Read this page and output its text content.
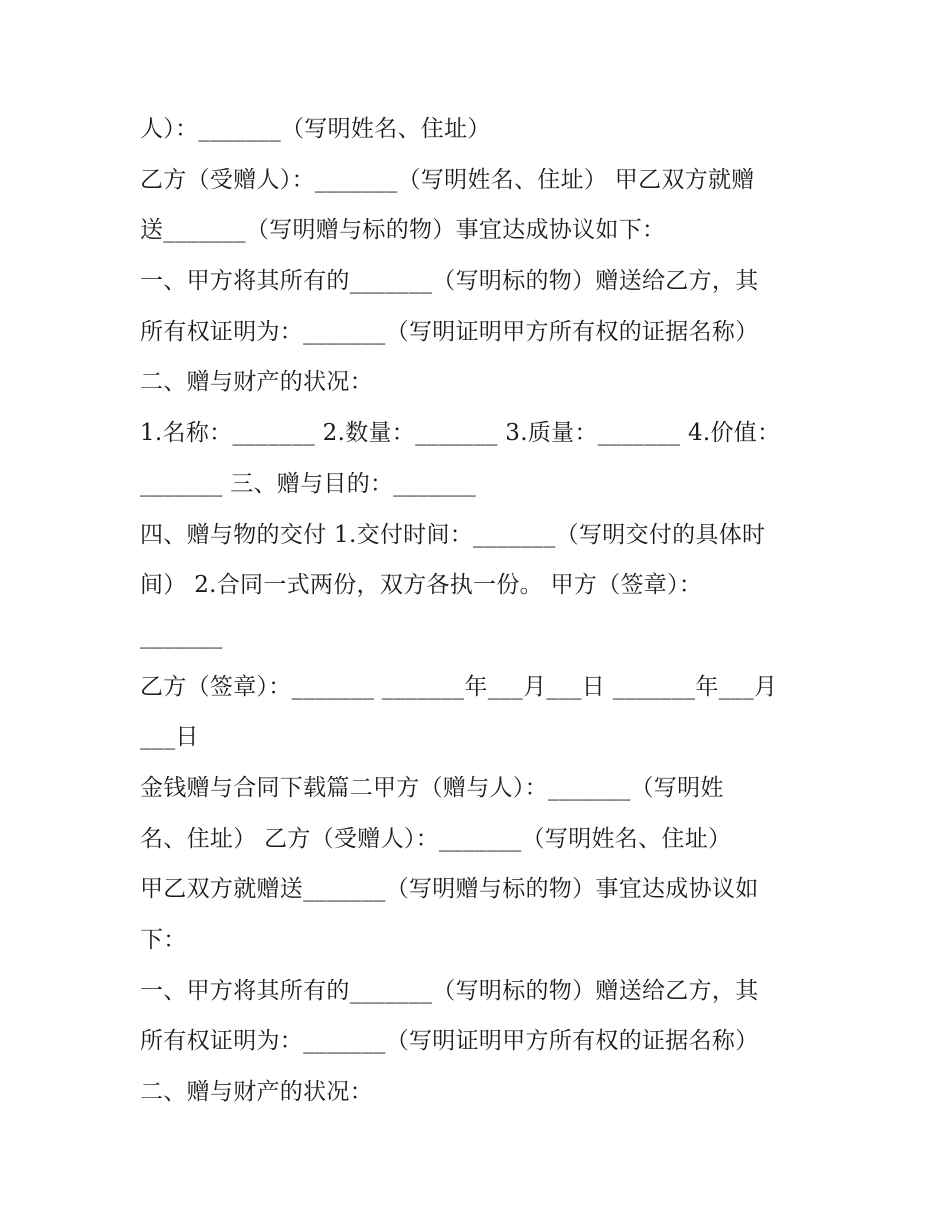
人）：_______（写明姓名、住址）
乙方（受赠人）：_______（写明姓名、住址） 甲乙双方就赠
送_______（写明赠与标的物）事宜达成协议如下：
一、甲方将其所有的_______（写明标的物）赠送给乙方，其
所有权证明为：_______（写明证明甲方所有权的证据名称）
二、赠与财产的状况：
1.名称：_______ 2.数量：_______ 3.质量：_______ 4.价值：
_______ 三、赠与目的：_______
四、赠与物的交付 1.交付时间：_______（写明交付的具体时
间） 2.合同一式两份，双方各执一份。 甲方（签章）：
_______
乙方（签章）：_______ _______年___月___日 _______年___月
___日
金钱赠与合同下载篇二甲方（赠与人）：_______（写明姓
名、住址） 乙方（受赠人）：_______（写明姓名、住址）
甲乙双方就赠送_______（写明赠与标的物）事宜达成协议如
下：
一、甲方将其所有的_______（写明标的物）赠送给乙方，其
所有权证明为：_______（写明证明甲方所有权的证据名称）
二、赠与财产的状况：
